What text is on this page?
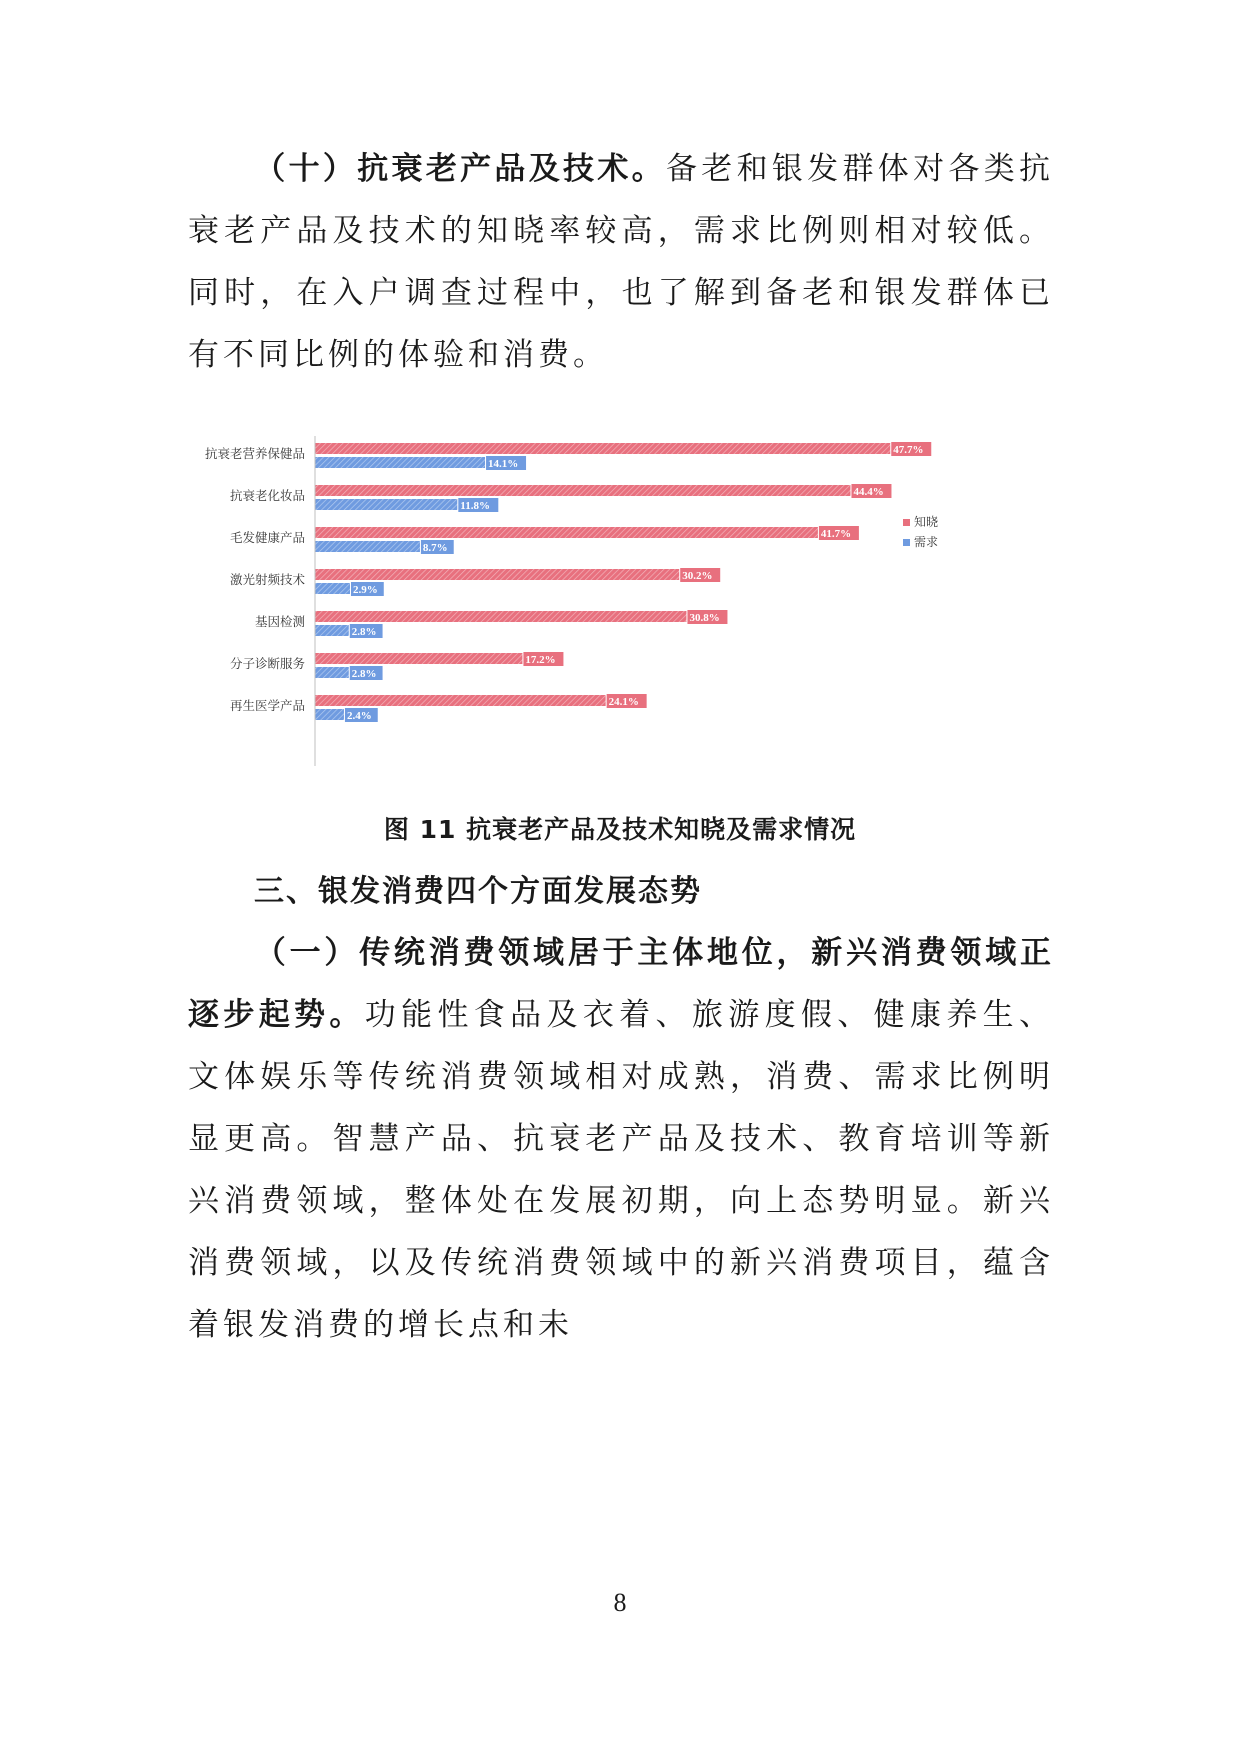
（十）抗衰老产品及技术。备老和银发群体对各类抗衰老产品及技术的知晓率较高，需求比例则相对较低。同时，在入户调查过程中，也了解到备老和银发群体已有不同比例的体验和消费。

抗衰老营养保健品
抗衰老化妆品
毛发健康产品
激光射频技术
基因检测
分子诊断服务
再生医学产品
47.7%
14.1%
44.4%
11.8%
41.7%
8.7%
30.2%
2.9%
30.8%
2.8%
17.2%
2.8%
24.1%
2.4%
知晓
需求
图 11 抗衰老产品及技术知晓及需求情况
三、银发消费四个方面发展态势

（一）传统消费领域居于主体地位，新兴消费领域正逐步起势。功能性食品及衣着、旅游度假、健康养生、文体娱乐等传统消费领域相对成熟，消费、需求比例明显更高。智慧产品、抗衰老产品及技术、教育培训等新兴消费领域，整体处在发展初期，向上态势明显。新兴消费领域，以及传统消费领域中的新兴消费项目，蕴含着银发消费的增长点和未

8
